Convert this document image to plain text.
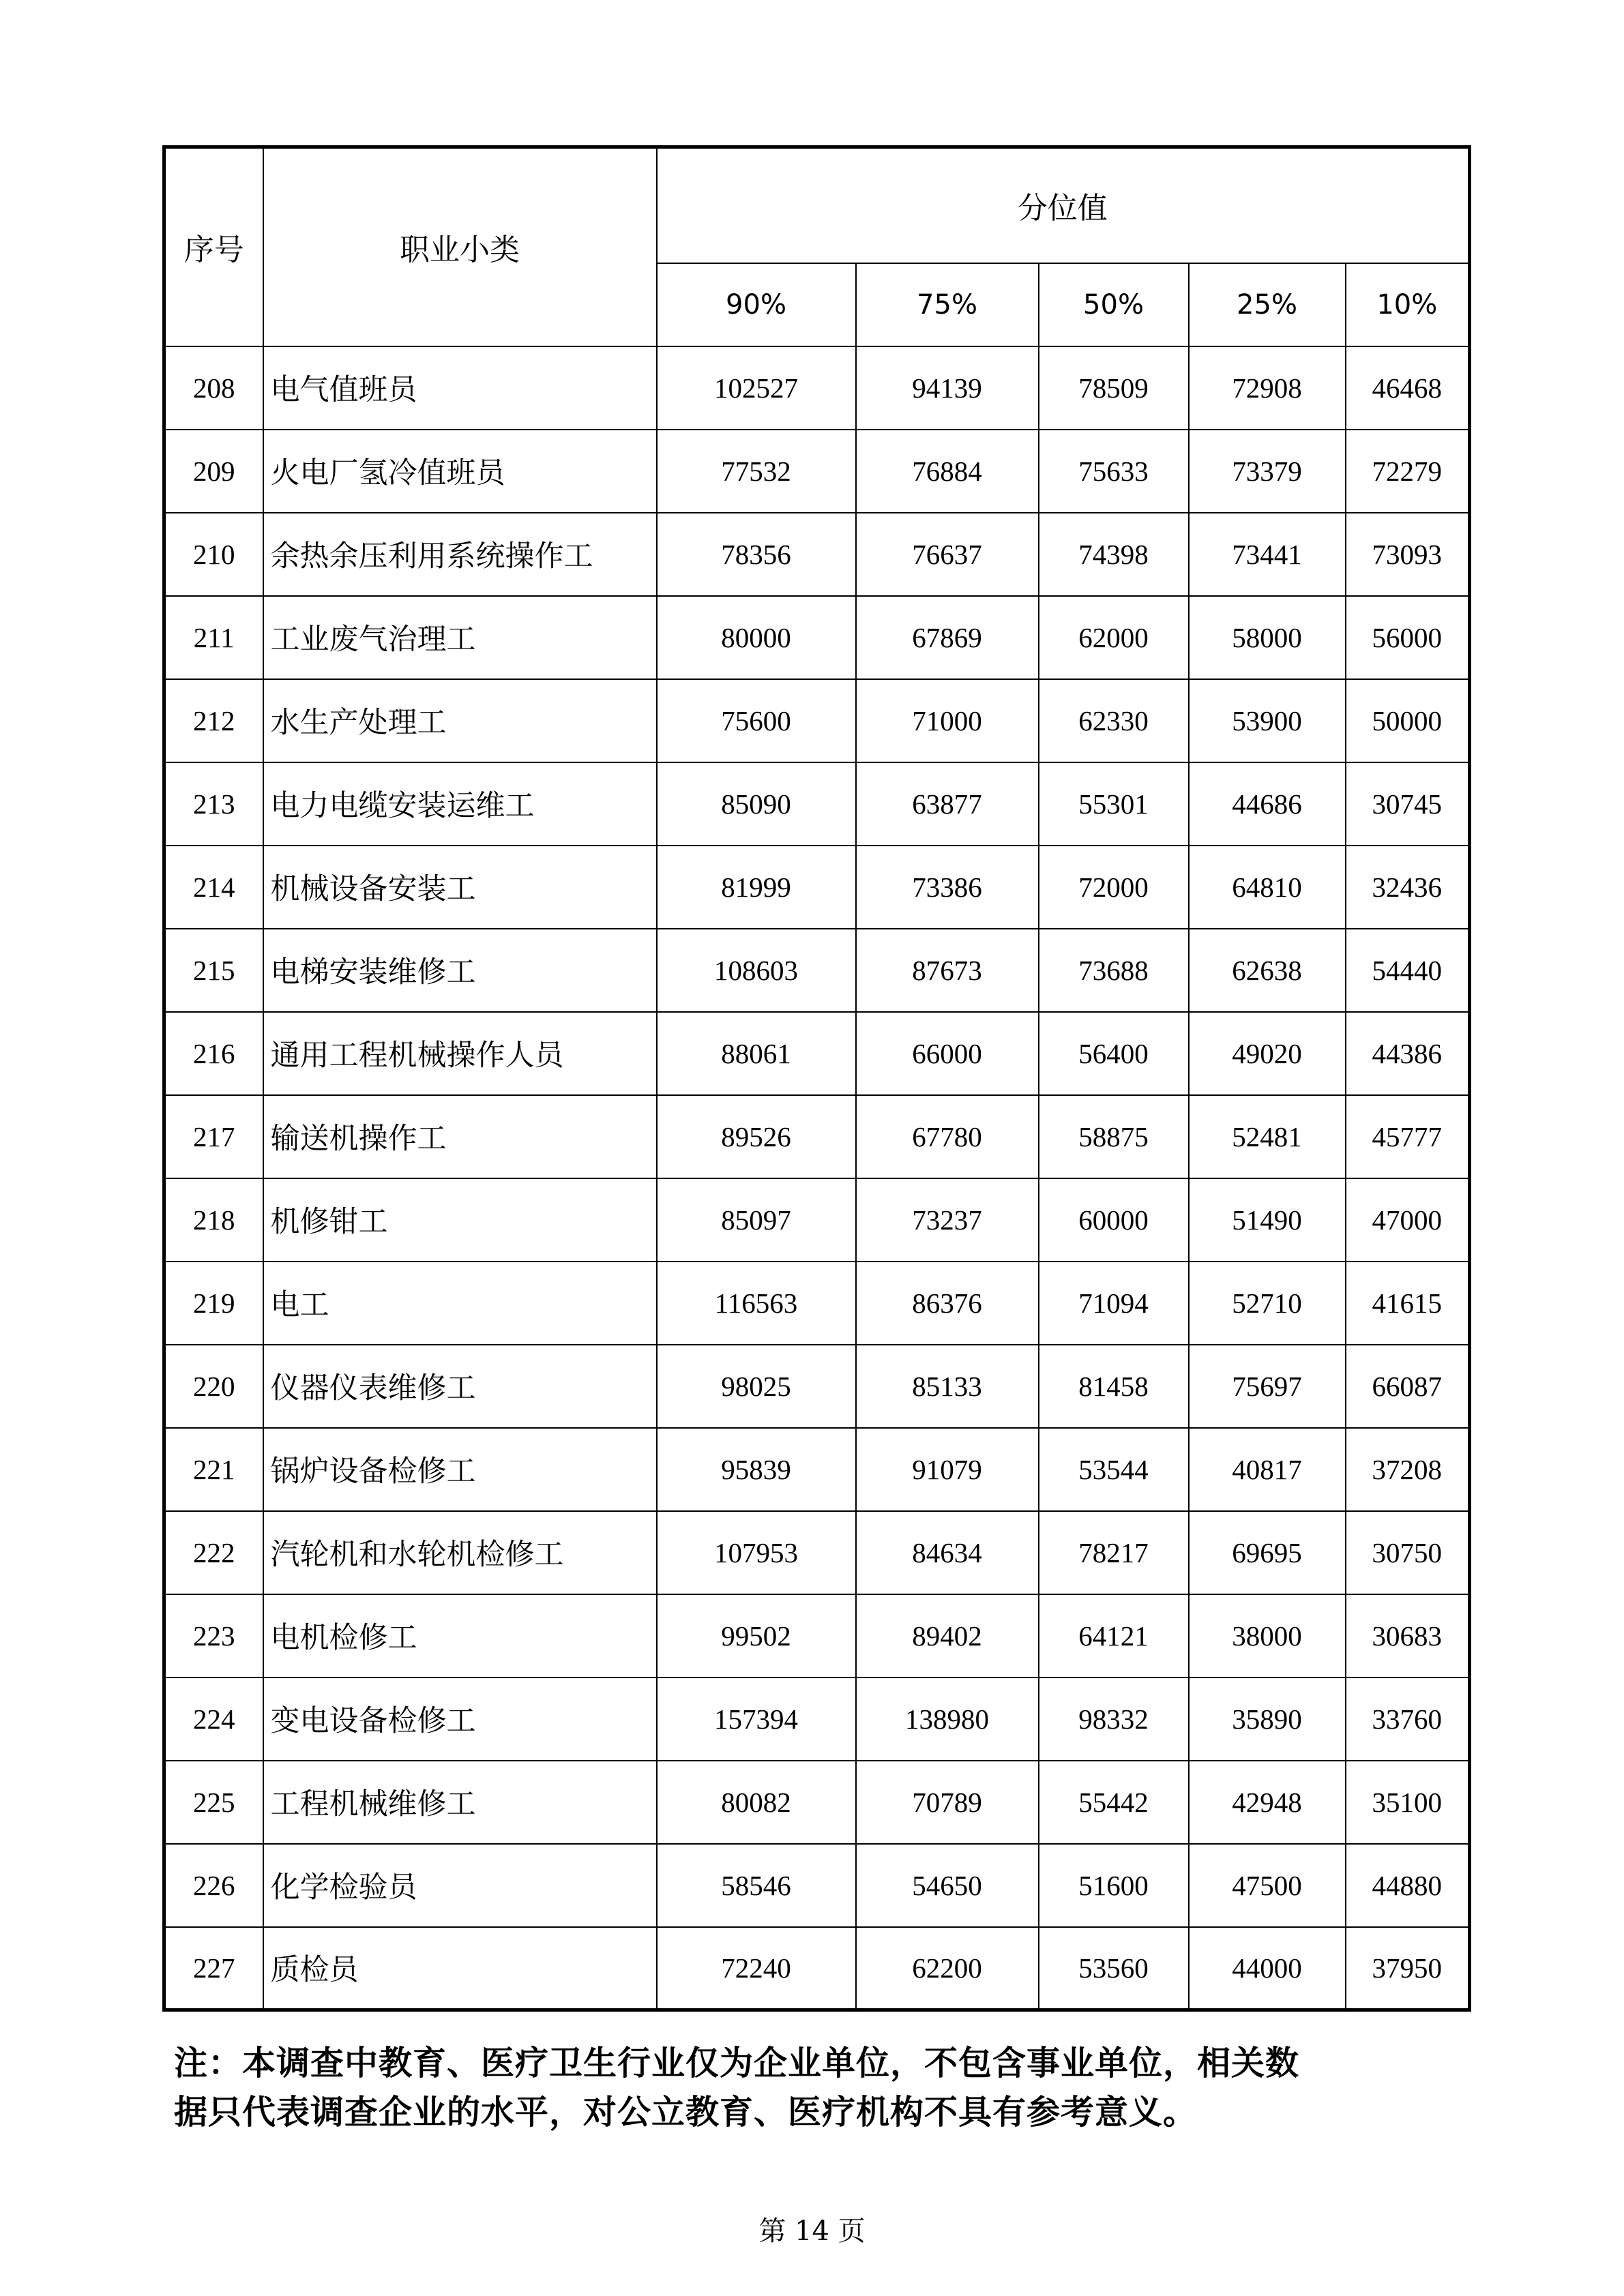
序号	职业小类	分位值				
		90%	75%	50%	25%	10%
208	电气值班员	102527	94139	78509	72908	46468
209	火电厂氢冷值班员	77532	76884	75633	73379	72279
210	余热余压利用系统操作工	78356	76637	74398	73441	73093
211	工业废气治理工	80000	67869	62000	58000	56000
212	水生产处理工	75600	71000	62330	53900	50000
213	电力电缆安装运维工	85090	63877	55301	44686	30745
214	机械设备安装工	81999	73386	72000	64810	32436
215	电梯安装维修工	108603	87673	73688	62638	54440
216	通用工程机械操作人员	88061	66000	56400	49020	44386
217	输送机操作工	89526	67780	58875	52481	45777
218	机修钳工	85097	73237	60000	51490	47000
219	电工	116563	86376	71094	52710	41615
220	仪器仪表维修工	98025	85133	81458	75697	66087
221	锅炉设备检修工	95839	91079	53544	40817	37208
222	汽轮机和水轮机检修工	107953	84634	78217	69695	30750
223	电机检修工	99502	89402	64121	38000	30683
224	变电设备检修工	157394	138980	98332	35890	33760
225	工程机械维修工	80082	70789	55442	42948	35100
226	化学检验员	58546	54650	51600	47500	44880
227	质检员	72240	62200	53560	44000	37950
注：本调查中教育、医疗卫生行业仅为企业单位，不包含事业单位，相关数
据只代表调查企业的水平，对公立教育、医疗机构不具有参考意义。
第 14 页
